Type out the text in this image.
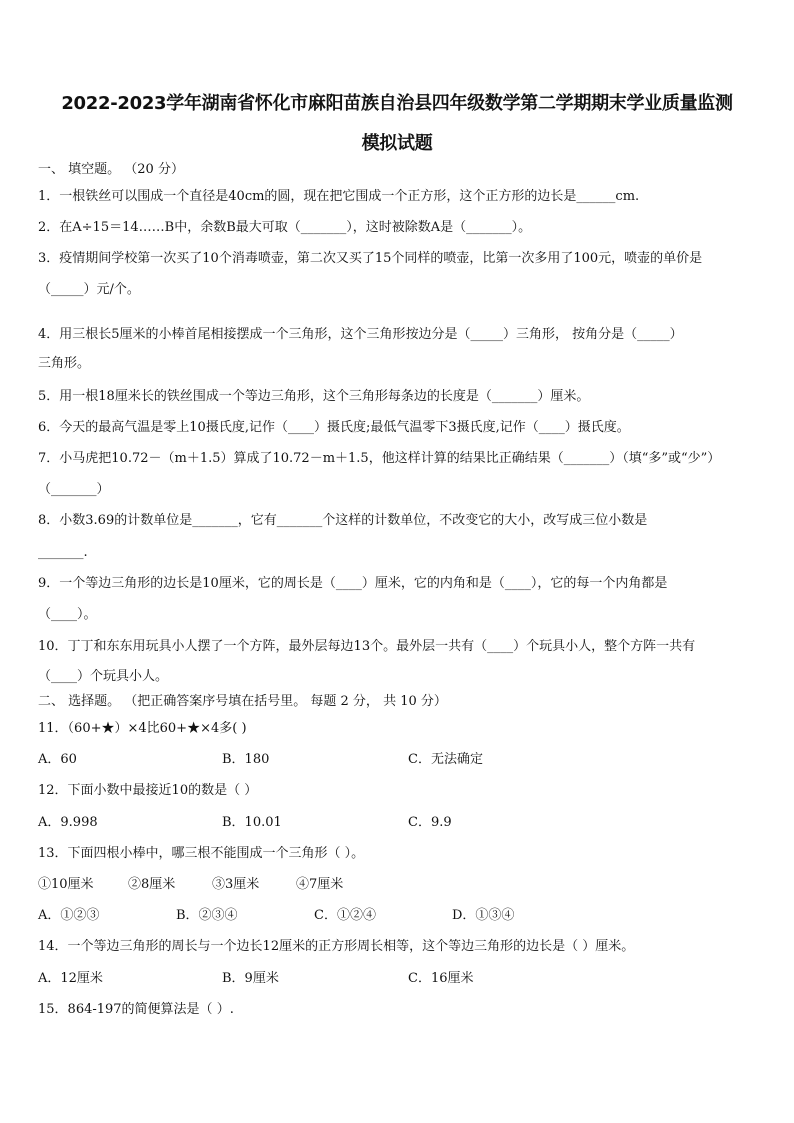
2022-2023学年湖南省怀化市麻阳苗族自治县四年级数学第二学期期末学业质量监测
模拟试题
一、 填空题。 （20 分）
1．一根铁丝可以围成一个直径是40cm的圆，现在把它围成一个正方形，这个正方形的边长是______cm.
2．在A÷15＝14……B中，余数B最大可取（_______），这时被除数A是（_______）。
3．疫情期间学校第一次买了10个消毒喷壶，第二次又买了15个同样的喷壶，比第一次多用了100元，喷壶的单价是
（_____）元/个。
4．用三根长5厘米的小棒首尾相接摆成一个三角形，这个三角形按边分是（_____）三角形， 按角分是（_____）
三角形。
5．用一根18厘米长的铁丝围成一个等边三角形，这个三角形每条边的长度是（_______）厘米。
6．今天的最高气温是零上10摄氏度,记作（____）摄氏度;最低气温零下3摄氏度,记作（____）摄氏度。
7．小马虎把10.72－（m＋1.5）算成了10.72－m＋1.5，他这样计算的结果比正确结果（_______）（填“多”或“少”）
（_______）
8．小数3.69的计数单位是_______，它有_______个这样的计数单位，不改变它的大小，改写成三位小数是
_______.
9．一个等边三角形的边长是10厘米，它的周长是（____）厘米，它的内角和是（____），它的每一个内角都是
（____）。
10．丁丁和东东用玩具小人摆了一个方阵，最外层每边13个。最外层一共有（____）个玩具小人，整个方阵一共有
（____）个玩具小人。
二、 选择题。 （把正确答案序号填在括号里。 每题 2 分， 共 10 分）
11．（60+★）×4比60+★×4多( )
A．60	B．180	C．无法确定
12．下面小数中最接近10的数是（ ）
A．9.998	B．10.01	C．9.9
13．下面四根小棒中，哪三根不能围成一个三角形（ ）。
①10厘米	②8厘米	③3厘米	④7厘米
A．①②③	B．②③④	C．①②④	D．①③④
14．一个等边三角形的周长与一个边长12厘米的正方形周长相等，这个等边三角形的边长是（ ）厘米。
A．12厘米	B．9厘米	C．16厘米
15．864-197的简便算法是（ ）.
